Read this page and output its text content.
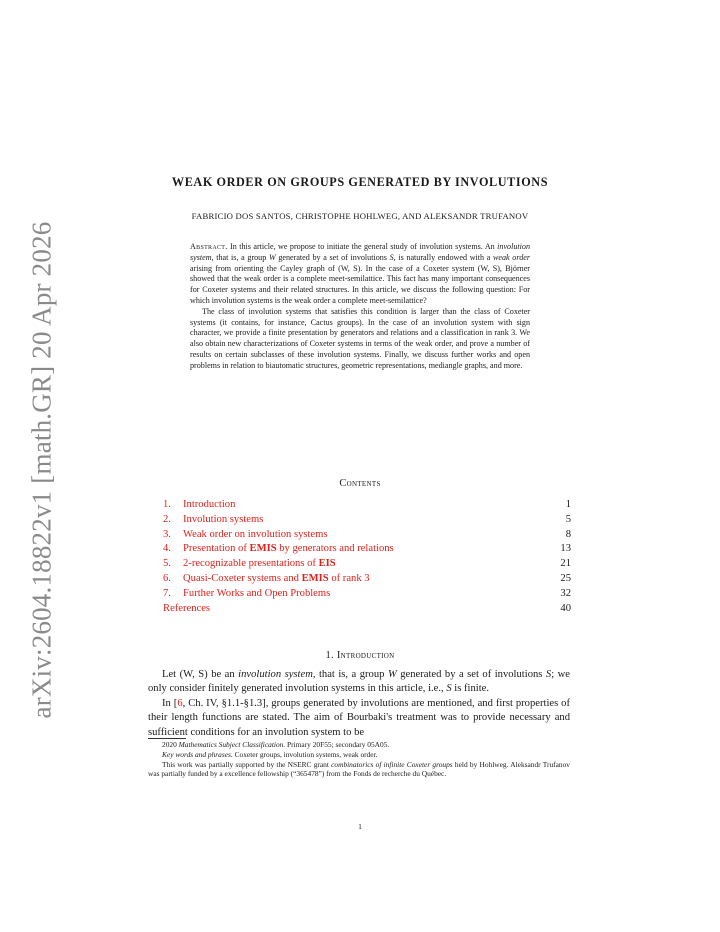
arXiv:2604.18822v1 [math.GR] 20 Apr 2026
WEAK ORDER ON GROUPS GENERATED BY INVOLUTIONS
FABRICIO DOS SANTOS, CHRISTOPHE HOHLWEG, AND ALEKSANDR TRUFANOV

Abstract. In this article, we propose to initiate the general study of involution systems. An involution system, that is, a group W generated by a set of involutions S, is naturally endowed with a weak order arising from orienting the Cayley graph of (W, S). In the case of a Coxeter system (W, S), Björner showed that the weak order is a complete meet-semilattice. This fact has many important consequences for Coxeter systems and their related structures. In this article, we discuss the following question: For which involution systems is the weak order a complete meet-semilattice?

The class of involution systems that satisfies this condition is larger than the class of Coxeter systems (it contains, for instance, Cactus groups). In the case of an involution system with sign character, we provide a finite presentation by generators and relations and a classification in rank 3. We also obtain new characterizations of Coxeter systems in terms of the weak order, and prove a number of results on certain subclasses of these involution systems. Finally, we discuss further works and open problems in relation to biautomatic structures, geometric representations, mediangle graphs, and more.

Contents
1. Introduction	1
2. Involution systems	5
3. Weak order on involution systems	8
4. Presentation of EMIS by generators and relations	13
5. 2-recognizable presentations of EIS	21
6. Quasi-Coxeter systems and EMIS of rank 3	25
7. Further Works and Open Problems	32
References	40
1. Introduction

Let (W, S) be an involution system, that is, a group W generated by a set of involutions S; we only consider finitely generated involution systems in this article, i.e., S is finite.

In [6, Ch. IV, §1.1-§1.3], groups generated by involutions are mentioned, and first properties of their length functions are stated. The aim of Bourbaki's treatment was to provide necessary and sufficient conditions for an involution system to be

2020 Mathematics Subject Classification. Primary 20F55; secondary 05A05.

Key words and phrases. Coxeter groups, involution systems, weak order.

This work was partially supported by the NSERC grant combinatorics of infinite Coxeter groups held by Hohlweg. Aleksandr Trufanov was partially funded by a excellence fellowship (“365478”) from the Fonds de recherche du Québec.

1
